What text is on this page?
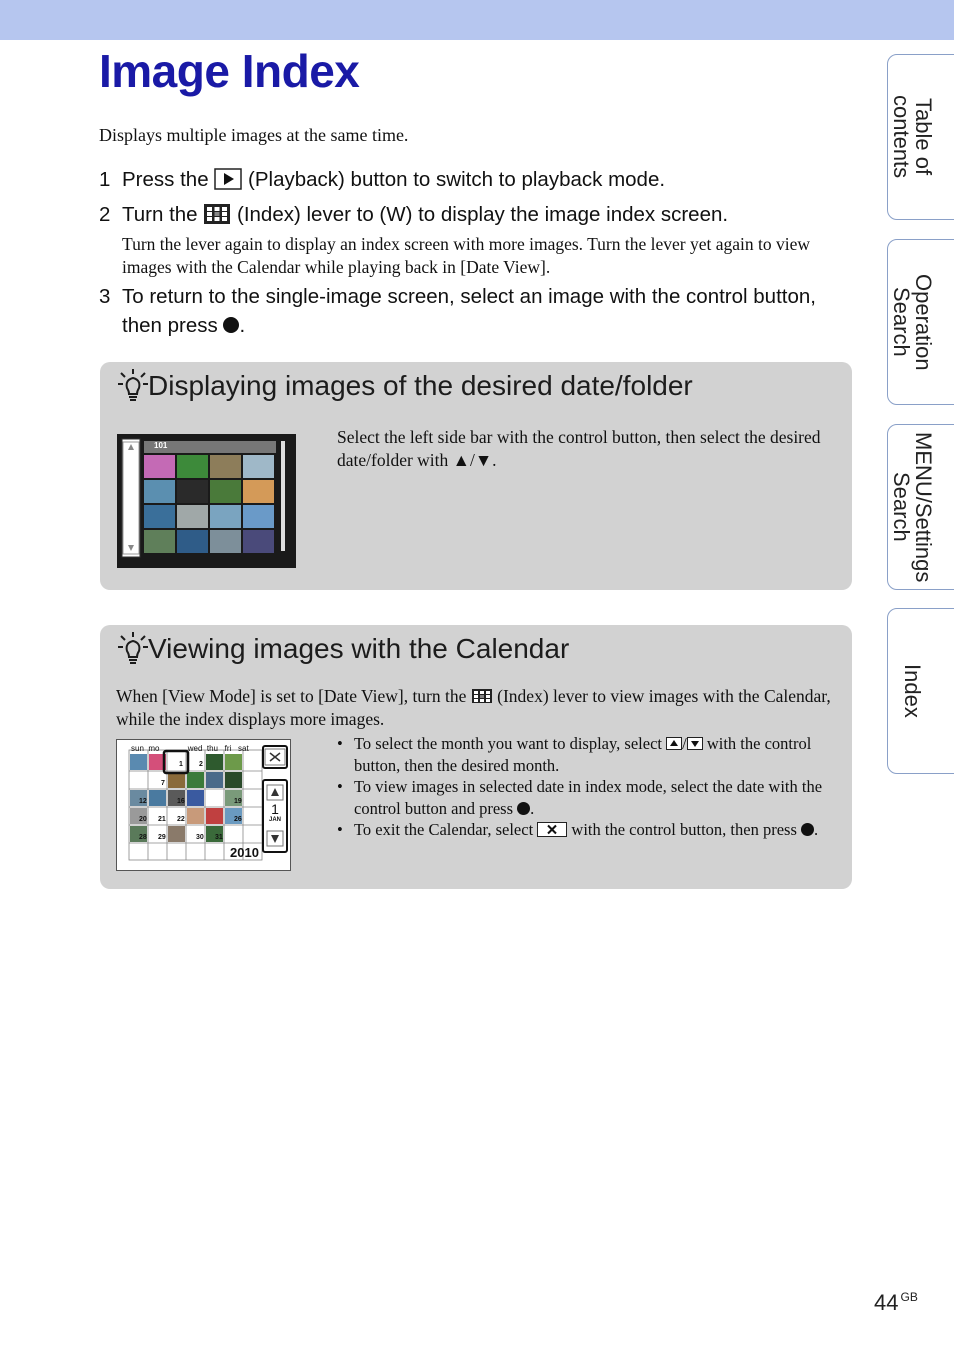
Image Index
Displays multiple images at the same time.
1 Press the (Playback) button to switch to playback mode.
2 Turn the (Index) lever to (W) to display the image index screen.
Turn the lever again to display an index screen with more images. Turn the lever yet again to view images with the Calendar while playing back in [Date View].
3 To return to the single-image screen, select an image with the control button, then press .
Displaying images of the desired date/folder
101	Select the left side bar with the control button, then select the desired date/folder with ▲/▼.
Viewing images with the Calendar
When [View Mode] is set to [Date View], turn the (Index) lever to view images with the Calendar, while the index displays more images.
sun mo	wed thu fri sat
1 2
7
12	16	19
20 21 22	26
28 29	30 31
2010
1
JAN
• To select the month you want to display, select / with the control button, then the desired month.
• To view images in selected date in index mode, select the date with the control button and press .
• To exit the Calendar, select with the control button, then press .
Table of
contents
Operation
Search
MENU/Settings
Search
Index
44 $^{GB}$
